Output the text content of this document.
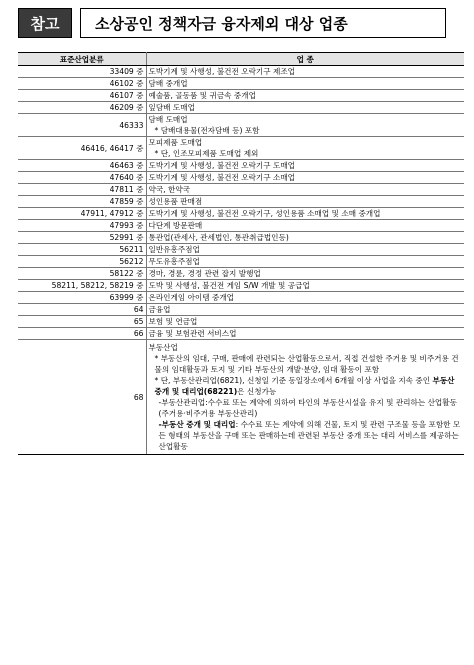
참고	소상공인 정책자금 융자제외 대상 업종
표준산업분류	업 종
33409 중	도박기계 및 사행성, 불건전 오락기구 제조업

46102 중	담배 중개업

46107 중	예술품, 골동품 및 귀금속 중개업

46209 중	잎담배 도매업

46333	담배 도매업
* 담배대용물(전자담배 등) 포함

46416, 46417 중	모피제품 도매업
* 단, 인조모피제품 도매업 제외

46463 중	도박기계 및 사행성, 불건전 오락기구 도매업

47640 중	도박기계 및 사행성, 불건전 오락기구 소매업

47811 중	약국, 한약국

47859 중	성인용품 판매점

47911, 47912 중	도박기계 및 사행성, 불건전 오락기구, 성인용품 소매업 및 소매 중개업

47993 중	다단계 방문판매

52991 중	통관업(관세사, 관세법인, 통관취급법인등)

56211	일반유흥주점업

56212	무도유흥주점업

58122 중	경마, 경륜, 경정 관련 잡지 발행업

58211, 58212, 58219 중	도박 및 사행성, 불건전 게임 S/W 개발 및 공급업

63999 중	온라인게임 아이템 중개업

64	금융업

65	보험 및 연금업

66	금융 및 보험관련 서비스업

68	부동산업
* 부동산의 임대, 구매, 판매에 관련되는 산업활동으로서, 직접 건설한 주거용 및 비주거용 건물의 임대활동과 토지 및 기타 부동산의 개발·분양, 임대 활동이 포함
* 단, 부동산관리업(6821), 신청일 기준 동일장소에서 6개월 이상 사업을 지속 중인 부동산 중개 및 대리업(68221)은 신청가능
-부동산관리업:수수료 또는 계약에 의하여 타인의 부동산시설을 유지 및 관리하는 산업활동(주거용·비주거용 부동산관리)
-부동산 중개 및 대리업: 수수료 또는 계약에 의해 건물, 토지 및 관련 구조물 등을 포함한 모든 형태의 부동산을 구매 또는 판매하는데 관련된 부동산 중개 또는 대리 서비스를 제공하는 산업활동
